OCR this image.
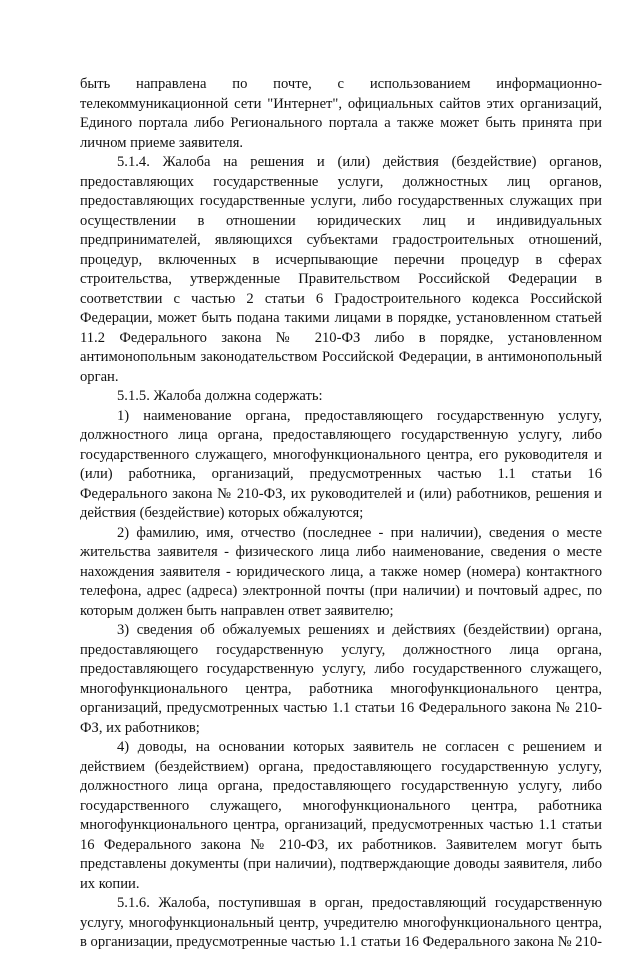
быть направлена по почте, с использованием информационно-телекоммуникационной сети "Интернет", официальных сайтов этих организаций, Единого портала либо Регионального портала а также может быть принята при личном приеме заявителя.

5.1.4. Жалоба на решения и (или) действия (бездействие) органов, предоставляющих государственные услуги, должностных лиц органов, предоставляющих государственные услуги, либо государственных служащих при осуществлении в отношении юридических лиц и индивидуальных предпринимателей, являющихся субъектами градостроительных отношений, процедур, включенных в исчерпывающие перечни процедур в сферах строительства, утвержденные Правительством Российской Федерации в соответствии с частью 2 статьи 6 Градостроительного кодекса Российской Федерации, может быть подана такими лицами в порядке, установленном статьей 11.2 Федерального закона № 210-ФЗ либо в порядке, установленном антимонопольным законодательством Российской Федерации, в антимонопольный орган.

5.1.5. Жалоба должна содержать:

1) наименование органа, предоставляющего государственную услугу, должностного лица органа, предоставляющего государственную услугу, либо государственного служащего, многофункционального центра, его руководителя и (или) работника, организаций, предусмотренных частью 1.1 статьи 16 Федерального закона № 210-ФЗ, их руководителей и (или) работников, решения и действия (бездействие) которых обжалуются;

2) фамилию, имя, отчество (последнее - при наличии), сведения о месте жительства заявителя - физического лица либо наименование, сведения о месте нахождения заявителя - юридического лица, а также номер (номера) контактного телефона, адрес (адреса) электронной почты (при наличии) и почтовый адрес, по которым должен быть направлен ответ заявителю;

3) сведения об обжалуемых решениях и действиях (бездействии) органа, предоставляющего государственную услугу, должностного лица органа, предоставляющего государственную услугу, либо государственного служащего, многофункционального центра, работника многофункционального центра, организаций, предусмотренных частью 1.1 статьи 16 Федерального закона № 210-ФЗ, их работников;

4) доводы, на основании которых заявитель не согласен с решением и действием (бездействием) органа, предоставляющего государственную услугу, должностного лица органа, предоставляющего государственную услугу, либо государственного служащего, многофункционального центра, работника многофункционального центра, организаций, предусмотренных частью 1.1 статьи 16 Федерального закона № 210-ФЗ, их работников. Заявителем могут быть представлены документы (при наличии), подтверждающие доводы заявителя, либо их копии.

5.1.6. Жалоба, поступившая в орган, предоставляющий государственную услугу, многофункциональный центр, учредителю многофункционального центра, в организации, предусмотренные частью 1.1 статьи 16 Федерального закона № 210-
